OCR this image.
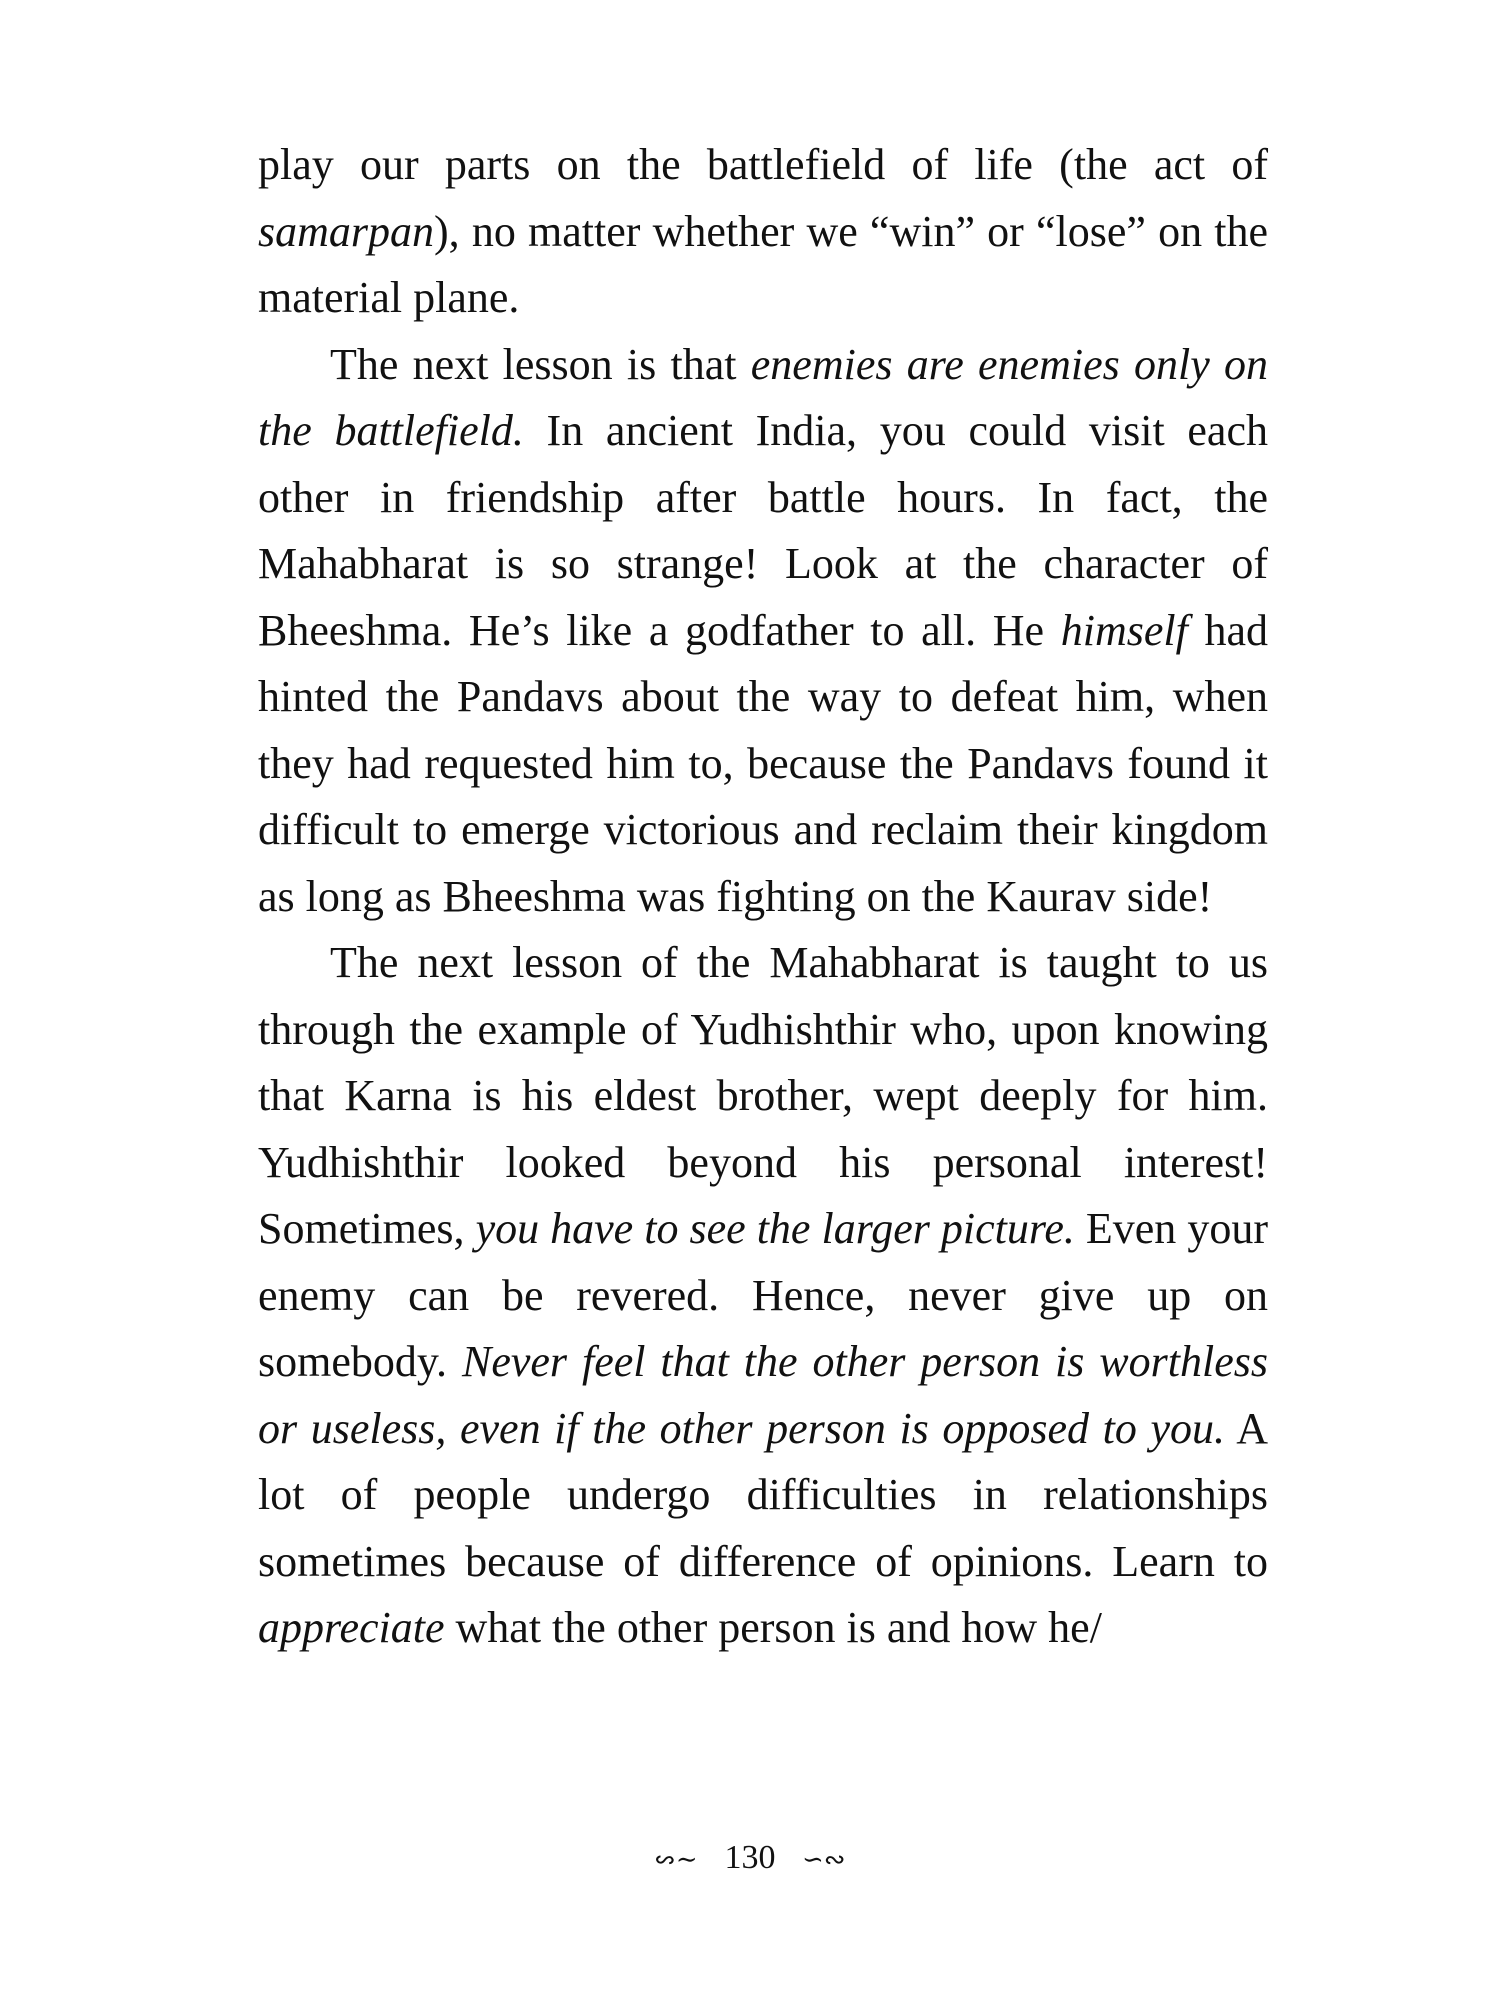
play our parts on the battlefield of life (the act of samarpan), no matter whether we “win” or “lose” on the material plane.

The next lesson is that enemies are enemies only on the battlefield. In ancient India, you could visit each other in friendship after battle hours. In fact, the Mahabharat is so strange! Look at the character of Bheeshma. He’s like a godfather to all. He himself had hinted the Pandavs about the way to defeat him, when they had requested him to, because the Pandavs found it difficult to emerge victorious and reclaim their kingdom as long as Bheeshma was fighting on the Kaurav side!

The next lesson of the Mahabharat is taught to us through the example of Yudhishthir who, upon knowing that Karna is his eldest brother, wept deeply for him. Yudhishthir looked beyond his personal interest! Sometimes, you have to see the larger picture. Even your enemy can be revered. Hence, never give up on somebody. Never feel that the other person is worthless or useless, even if the other person is opposed to you. A lot of people undergo difficulties in relationships sometimes because of difference of opinions. Learn to appreciate what the other person is and how he/

∽∾ 130 ∽∾
